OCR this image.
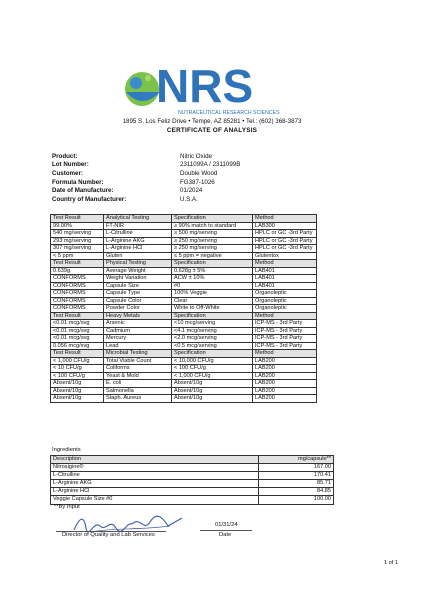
NRS
NUTRACEUTICAL RESEARCH SCIENCES
1895 S. Los Feliz Drive • Tempe, AZ 85281 • Tel.: (602) 368-3873
CERTIFICATE OF ANALYSIS
Product:	Nitric Oxide
Lot Number:	2311099A / 2311099B
Customer:	Double Wood
Formula Number:	FG387-1026
Date of Manufacture:	01/2024
Country of Manufacturer:	U.S.A.
Test Result	Analytical Testing	Specification	Method
99.00%	FT-NIR	≥ 90% match to standard	LAB300
540 mg/serving	L-Citrulline	≥ 500 mg/serving	HPLC or GC -3rd Party
293 mg/serving	L-Arginine AKG	≥ 250 mg/serving	HPLC or GC -3rd Party
307 mg/serving	L-Arginine HCl	≥ 250 mg/serving	HPLC or GC -3rd Party
< 5 ppm	Gluten	≤ 5 ppm = negative	Glutentox
Test Result	Physical Testing	Specification	Method
0.639g	Average Weight	0.628g ± 5%	LAB401
CONFORMS	Weight Variation	ACW ± 10%	LAB401
CONFORMS	Capsule Size	#0	LAB401
CONFORMS	Capsule Type	100% Veggie	Organoleptic
CONFORMS	Capsule Color	Clear	Organoleptic
CONFORMS	Powder Color	White to Off-White	Organoleptic
Test Result	Heavy Metals	Specification	Method
<0.01 mcg/svg	Arsenic	<10 mcg/serving	ICP-MS - 3rd Party
<0.01 mcg/svg	Cadmium	<4.1 mcg/serving	ICP-MS - 3rd Party
<0.01 mcg/svg	Mercury	<2.0 mcg/serving	ICP-MS - 3rd Party
0.056 mcg/svg	Lead	<0.5 mcg/serving	ICP-MS - 3rd Party
Test Result	Microbial Testing	Specification	Method
< 1,000 CFU/g	Total Viable Count	< 10,000 CFU/g	LAB200
< 10 CFU/g	Coliforms	< 100 CFU/g	LAB200
< 100 CFU/g	Yeast & Mold	< 1,000 CFU/g	LAB200
Absent/10g	E. coli	Absent/10g	LAB200
Absent/10g	Salmonella	Absent/10g	LAB200
Absent/10g	Staph. Aureus	Absent/10g	LAB200
Ingredients
Description	mg/capsule**
Nitrosigine®	167.00
L-Citrulline	170.41
L-Arginine AKG	85.71
L-Arginine HCl	84.85
Veggie Capsule Size #0	100.00
**By Input
Director of Quality and Lab Services
01/31/24
Date
1 of 1
